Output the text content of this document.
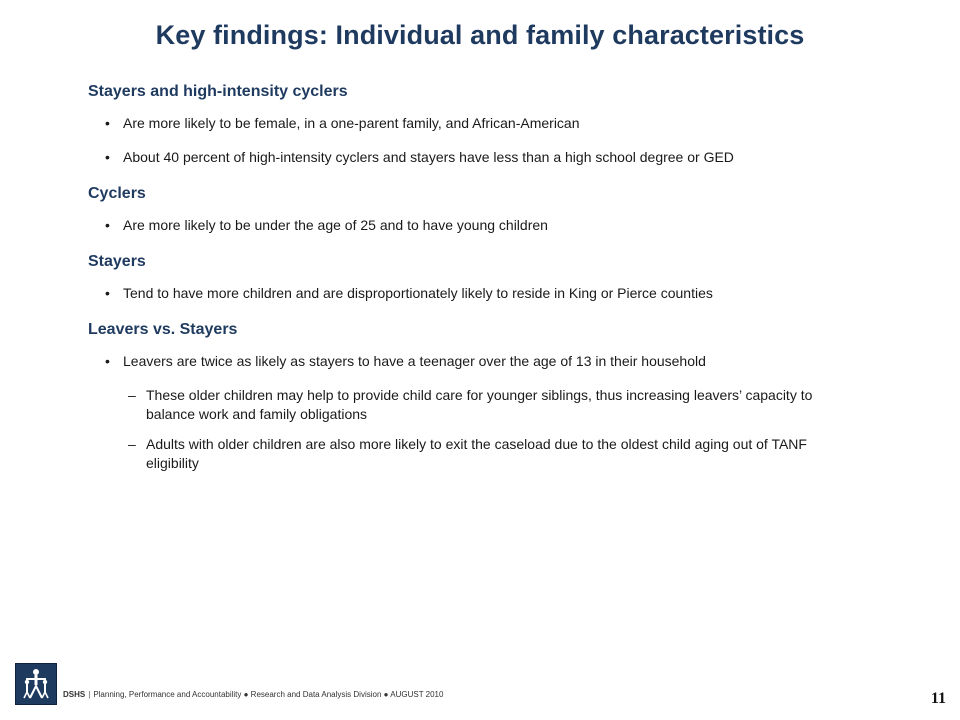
Key findings: Individual and family characteristics
Stayers and high-intensity cyclers
• Are more likely to be female, in a one-parent family, and African-American
• About 40 percent of high-intensity cyclers and stayers have less than a high school degree or GED
Cyclers
• Are more likely to be under the age of 25 and to have young children
Stayers
• Tend to have more children and are disproportionately likely to reside in King or Pierce counties
Leavers vs. Stayers
• Leavers are twice as likely as stayers to have a teenager over the age of 13 in their household
– These older children may help to provide child care for younger siblings, thus increasing leavers’ capacity to balance work and family obligations
– Adults with older children are also more likely to exit the caseload due to the oldest child aging out of TANF eligibility
DSHS | Planning, Performance and Accountability ● Research and Data Analysis Division ● AUGUST 2010	11
